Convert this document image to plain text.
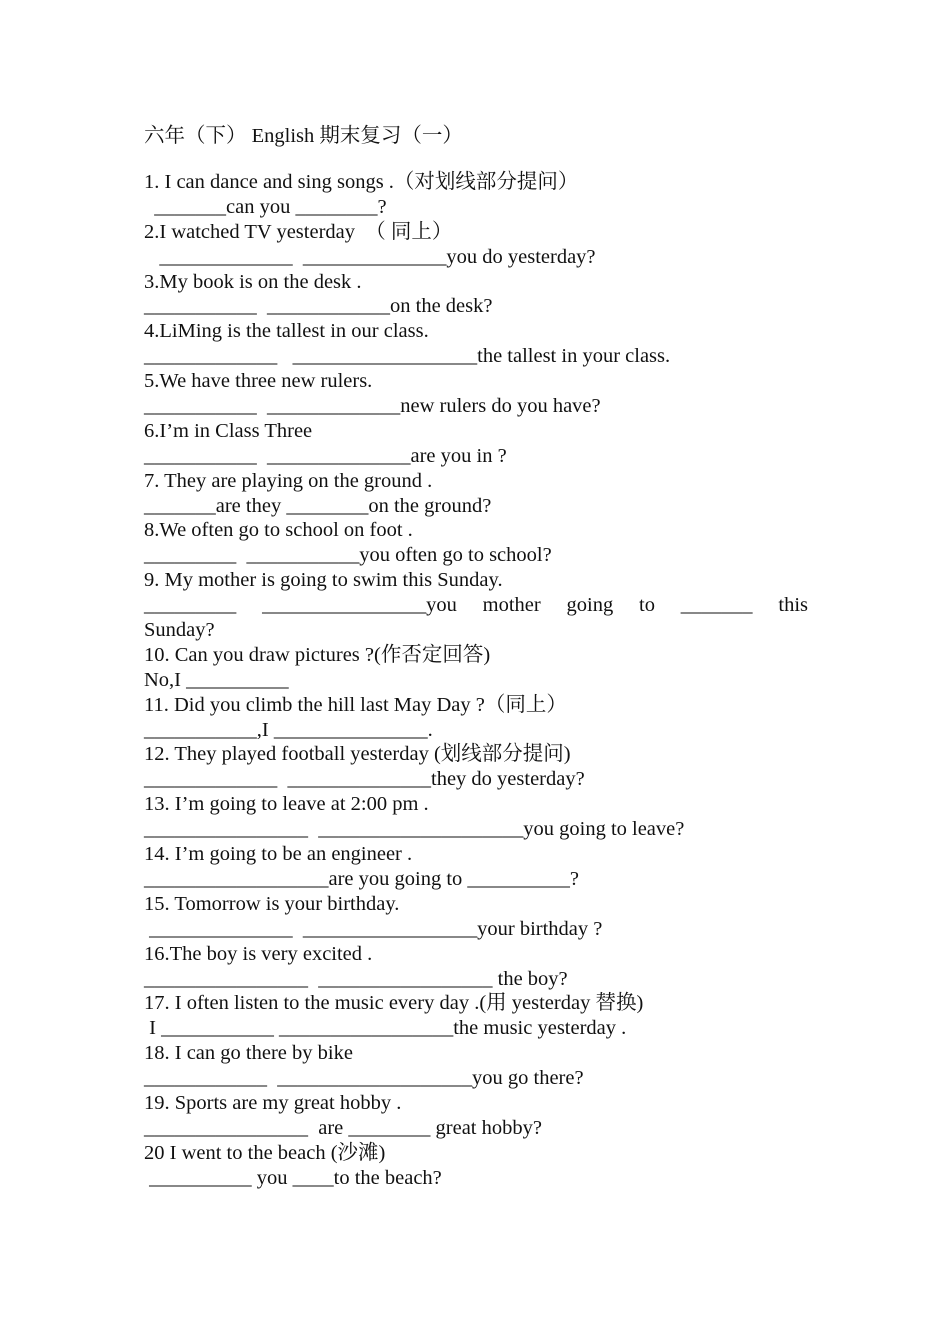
六年（下） English 期末复习（一）
1. I can dance and sing songs .（对划线部分提问）
_______can you ________?
2.I watched TV yesterday  （ 同上）
_____________  ______________you do yesterday?
3.My book is on the desk .
___________  ____________on the desk?
4.LiMing is the tallest in our class.
_____________   __________________the tallest in your class.
5.We have three new rulers.
___________  _____________new rulers do you have?
6.I’m in Class Three
___________  ______________are you in ?
7. They are playing on the ground .
_______are they ________on the ground?
8.We often go to school on foot .
_________  ___________you often go to school?
9. My mother is going to swim this Sunday.
_________ ________________you mother going to _______ this
Sunday?
10. Can you draw pictures ?(作否定回答)
No,I __________
11. Did you climb the hill last May Day ?（同上）
___________,I _______________.
12. They played football yesterday (划线部分提问)
_____________  ______________they do yesterday?
13. I’m going to leave at 2:00 pm .
________________  ____________________you going to leave?
14. I’m going to be an engineer .
__________________are you going to __________?
15. Tomorrow is your birthday.
______________  _________________your birthday ?
16.The boy is very excited .
________________  _________________ the boy?
17. I often listen to the music every day .(用 yesterday 替换)
I ___________ _________________the music yesterday .
18. I can go there by bike
____________  ___________________you go there?
19. Sports are my great hobby .
________________  are ________ great hobby?
20 I went to the beach (沙滩)
__________ you ____to the beach?
